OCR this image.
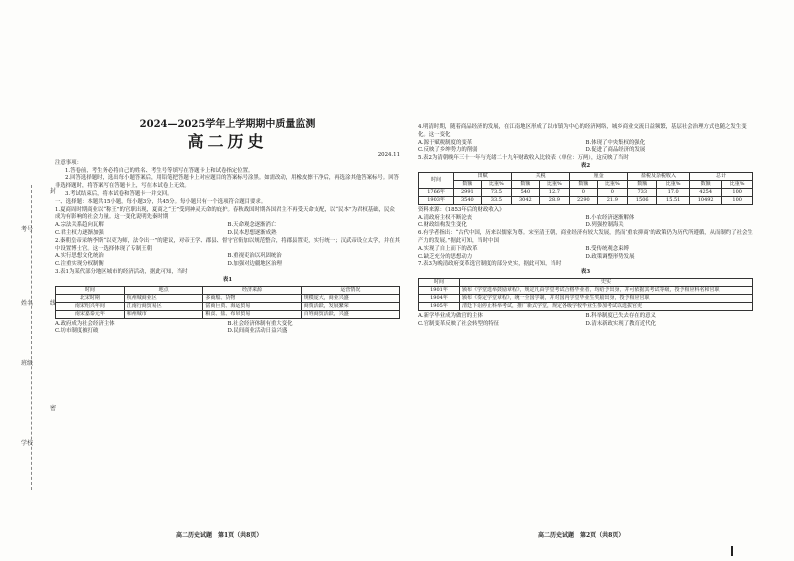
封
考号
姓名	线
班级
密
学校
2024—2025学年上学期期中质量监测
高二历史
2024.11

注意事项：

1.答卷前，考生务必将自己的姓名、考生号等填写在答题卡上和试卷指定位置。

2.回答选择题时，选出每小题答案后，用铅笔把答题卡上对应题目的答案标号涂黑。如需改动，用橡皮擦干净后，再选涂其他答案标号。回答非选择题时，将答案写在答题卡上，写在本试卷上无效。

3.考试结束后，将本试卷和答题卡一并交回。

一、选择题：本题共15小题，每小题3分，共45分。每小题只有一个选项符合题目要求。

1.夏商周时期商业以“称王”的官职出现，夏商之“王”受到神灵天命的庇护。春秋战国时期各国君主不再受天命支配，以“民本”为君权基础，民众成为有影响的社会力量。这一变化说明先秦时期

A.宗法关系趋向瓦解	B.天命观念逐渐消亡
C.君主权力逐渐加强	D.民本思想逐渐成熟

2.秦朝皇帝采纳李斯“以吏为师，法令出一”的建议，对帝王学、郡县、督守官衔加以规范整合，将郡县置吏，实行统一；汉武帝设立太学，并在其中设置博士官。这一选择体现了专制王朝

A.实行思想文化统治	B.重视吏治以巩固统治
C.注重实现分权制衡	D.加强对边疆地区治理

3.表1为某代部分地区城市的经济活动，据此可知，当时

表1
时间	地点	经济来源	运营情况
北宋时期	杭州城商业区	多商船、货物	规模庞大，商业兴盛
南宋绍兴年间	江南行商贸易区	富商巨贾、海运贸易	商贾活跃，发展繁荣
南宋嘉泰元年	和州城市	粮食、盐、布帛贸易	百姓商贸活跃，兴盛
A.政府成为社会经济主体	B.社会经济体制有重大变化
C.坊市制度被打破	D.民间商业活动日益兴盛
高二历史试题　第1页（共8页）

4.明清时期，随着商品经济的发展，在江南地区形成了以市镇为中心的经济网络，城乡商业交流日益频繁，基层社会治理方式也随之发生变化。这一变化

A.源于赋税制度的变革	B.体现了中央集权的强化
C.反映了乡绅势力的削弱	D.促进了商品经济的发展

5.表2为清朝晚年三十一年与光绪二十九年财政收入比较表（单位：万两），这反映了当时

表2
时间	田赋		关税		厘金		盐税及杂税收入		总计	
	数额	比重%	数额	比重%	数额	比重%	数额	比重%	数额	比重%
1766年	2991	73.5	540	12.7	0	0	733	17.0	4254	100
1903年	3540	33.5	3042	28.9	2290	21.9	1506	15.51	10492	100

资料来源：《1853年后的财政收入》

A.清政府主权不断沦丧	B.小农经济逐渐解体
C.财政结构发生变化	D.列强控制海关

6.有学者指出：“古代中国，历来以儒家为尊。宋至清王朝，商业经济有较大发展，然而‘重农抑商’的政策仍为历代所遵循，从而制约了社会生产力的发展。”据此可知，当时中国

A.实现了自上而下的改革	B.受传统观念束缚
C.缺乏充分的思想动力	D.政策调整形势发展

7.表3为晚清政府变革选官制度的部分史实，据此可知，当时

表3
时间	史实
1901年	颁布《学堂选举鼓励章程》，规定凡由学堂考试合格毕业者，均给予出身，并可依据其考试等级，授予相应科名和官职
1904年	颁布《奏定学堂章程》，统一全国学制，并对国内学堂毕业生奖励出身，授予相应官职
1905年	清廷下诏停止科举考试，推广新式学堂，规定各级学校毕业生参加考试以选拔官吏
A.新学毕业成为做官的主体	B.科举制度已失去存在的意义
C.官制变革反映了社会转型的特征	D.清末新政实现了教育近代化
高二历史试题　第2页（共8页）
